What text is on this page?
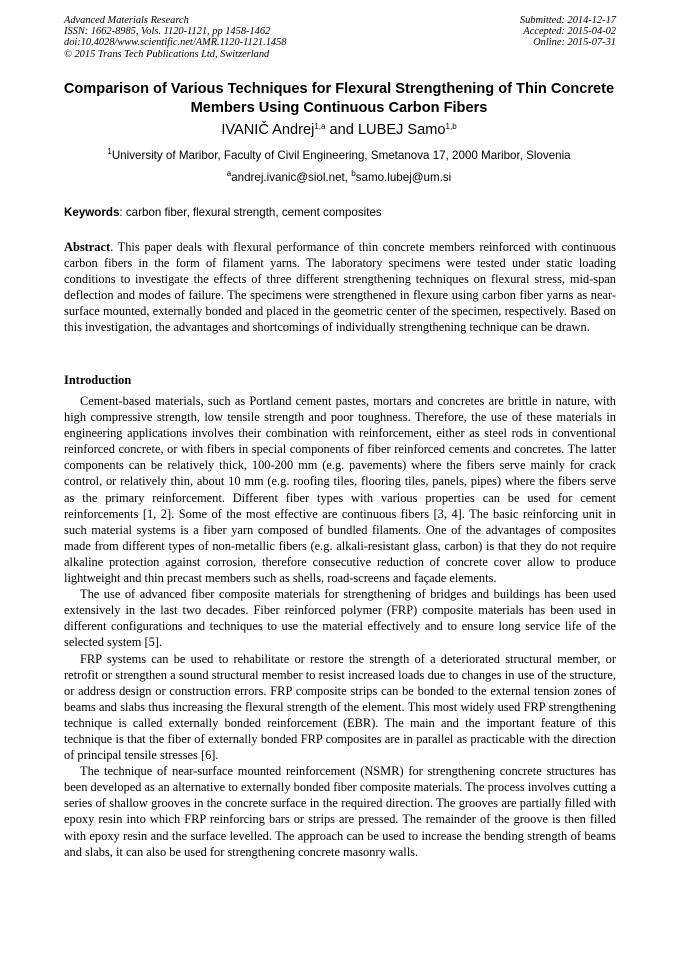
Advanced Materials Research
ISSN: 1662-8985, Vols. 1120-1121, pp 1458-1462
doi:10.4028/www.scientific.net/AMR.1120-1121.1458
© 2015 Trans Tech Publications Ltd, Switzerland
Submitted: 2014-12-17
Accepted: 2015-04-02
Online: 2015-07-31
Comparison of Various Techniques for Flexural Strengthening of Thin Concrete Members Using Continuous Carbon Fibers
IVANIČ Andrej$^{1,a}$ and LUBEJ Samo$^{1,b}$
$^1$University of Maribor, Faculty of Civil Engineering, Smetanova 17, 2000 Maribor, Slovenia
$^a$andrej.ivanic@siol.net, $^b$samo.lubej@um.si
Keywords: carbon fiber, flexural strength, cement composites

Abstract. This paper deals with flexural performance of thin concrete members reinforced with continuous carbon fibers in the form of filament yarns. The laboratory specimens were tested under static loading conditions to investigate the effects of three different strengthening techniques on flexural stress, mid-span deflection and modes of failure. The specimens were strengthened in flexure using carbon fiber yarns as near-surface mounted, externally bonded and placed in the geometric center of the specimen, respectively. Based on this investigation, the advantages and shortcomings of individually strengthening technique can be drawn.

Introduction

Cement-based materials, such as Portland cement pastes, mortars and concretes are brittle in nature, with high compressive strength, low tensile strength and poor toughness. Therefore, the use of these materials in engineering applications involves their combination with reinforcement, either as steel rods in conventional reinforced concrete, or with fibers in special components of fiber reinforced cements and concretes. The latter components can be relatively thick, 100-200 mm (e.g. pavements) where the fibers serve mainly for crack control, or relatively thin, about 10 mm (e.g. roofing tiles, flooring tiles, panels, pipes) where the fibers serve as the primary reinforcement. Different fiber types with various properties can be used for cement reinforcements [1, 2]. Some of the most effective are continuous fibers [3, 4]. The basic reinforcing unit in such material systems is a fiber yarn composed of bundled filaments. One of the advantages of composites made from different types of non-metallic fibers (e.g. alkali-resistant glass, carbon) is that they do not require alkaline protection against corrosion, therefore consecutive reduction of concrete cover allow to produce lightweight and thin precast members such as shells, road-screens and façade elements.

The use of advanced fiber composite materials for strengthening of bridges and buildings has been used extensively in the last two decades. Fiber reinforced polymer (FRP) composite materials has been used in different configurations and techniques to use the material effectively and to ensure long service life of the selected system [5].

FRP systems can be used to rehabilitate or restore the strength of a deteriorated structural member, or retrofit or strengthen a sound structural member to resist increased loads due to changes in use of the structure, or address design or construction errors. FRP composite strips can be bonded to the external tension zones of beams and slabs thus increasing the flexural strength of the element. This most widely used FRP strengthening technique is called externally bonded reinforcement (EBR). The main and the important feature of this technique is that the fiber of externally bonded FRP composites are in parallel as practicable with the direction of principal tensile stresses [6].

The technique of near-surface mounted reinforcement (NSMR) for strengthening concrete structures has been developed as an alternative to externally bonded fiber composite materials. The process involves cutting a series of shallow grooves in the concrete surface in the required direction. The grooves are partially filled with epoxy resin into which FRP reinforcing bars or strips are pressed. The remainder of the groove is then filled with epoxy resin and the surface levelled. The approach can be used to increase the bending strength of beams and slabs, it can also be used for strengthening concrete masonry walls.
